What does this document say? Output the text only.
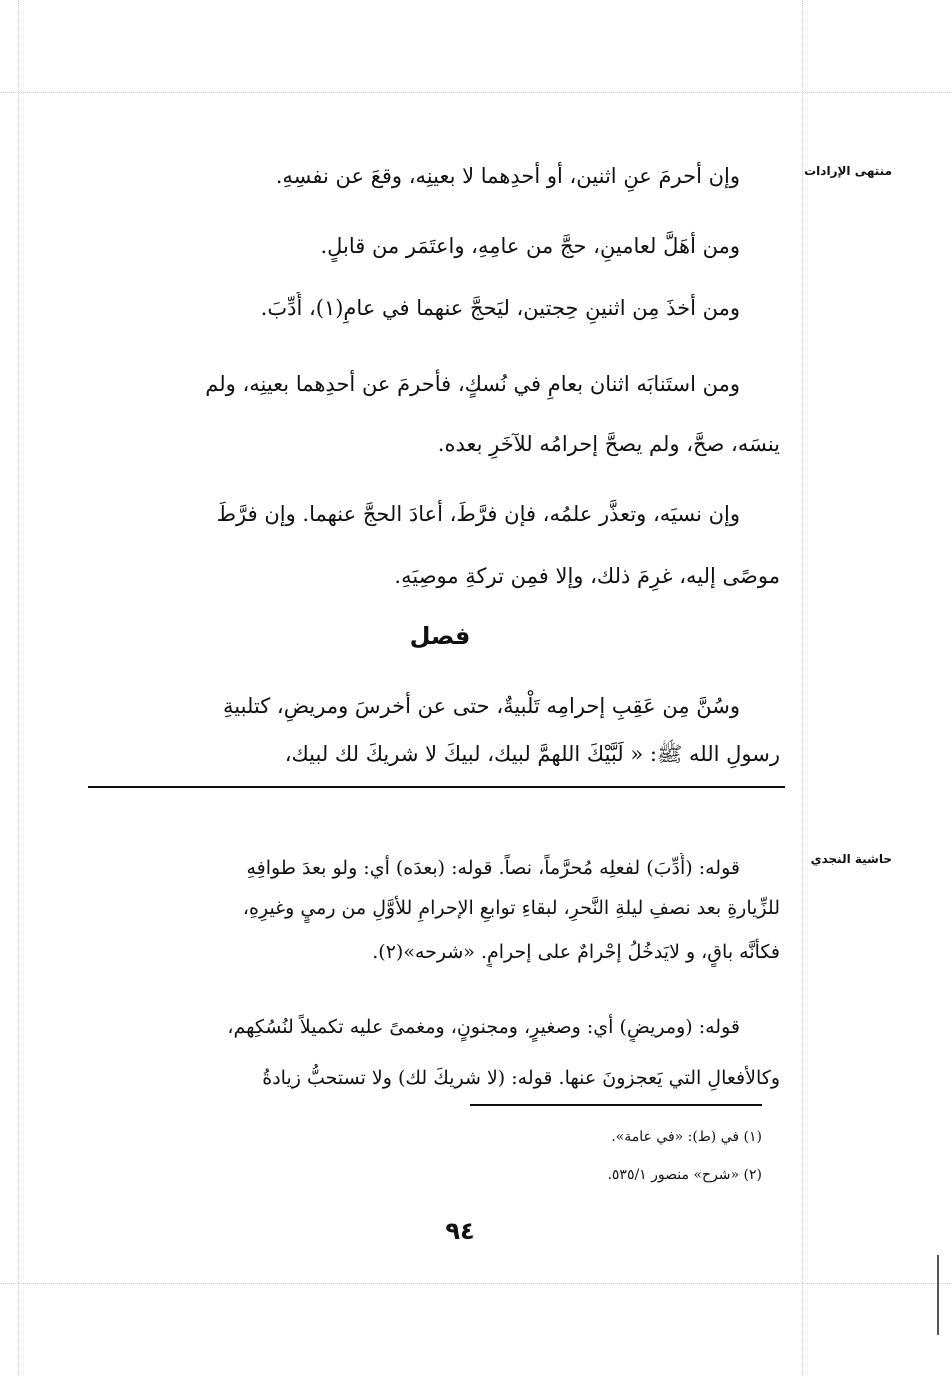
منتهى الإرادات
حاشية النجدي
وإن أحرمَ عنِ اثنين، أو أحدِهما لا بعينِه، وقعَ عن نفسِهِ.
ومن أهَلَّ لعامينِ، حجَّ من عامِهِ، واعتَمَر من قابلٍ.
ومن أخذَ مِن اثنينِ حِجتين، ليَحجَّ عنهما في عامٍ(١)، أُدِّبَ.
ومن استَنابَه اثنان بعامٍ في نُسكٍ، فأحرمَ عن أحدِهما بعينِه، ولم
ينسَه، صحَّ، ولم يصحَّ إحرامُه للآخَرِ بعده.
وإن نسيَه، وتعذَّر علمُه، فإن فرَّطَ، أعادَ الحجَّ عنهما. وإن فرَّطَ
موصًى إليه، غرِمَ ذلك، وإلا فمِن تركةِ موصِيَهِ.
وسُنَّ مِن عَقِبِ إحرامِه تَلْبيةٌ، حتى عن أخرسَ ومريضٍ، كتلبيةِ
رسولِ الله ﷺ: « لَبَّيْكَ اللهمَّ لبيك، لبيكَ لا شريكَ لك لبيك،
فصل
قوله: (أُدِّبَ) لفعلِه مُحرَّماً، نصاً. قوله: (بعدَه) أي: ولو بعدَ طوافِهِ
للزِّيارةِ بعد نصفِ ليلةِ النَّحرِ، لبقاءِ توابعِ الإحرامِ للأوَّلِ من رميٍ وغيرِهِ،
فكأنَّه باقٍ، و لايَدخُلُ إحْرامٌ على إحرامٍ. «شرحه»(٢).
قوله: (ومريضٍ) أي: وصغيرٍ، ومجنونٍ، ومغمىً عليه تكميلاً لنُسُكِهم،
وكالأفعالِ التي يَعجزونَ عنها. قوله: (لا شريكَ لك) ولا تستحبُّ زيادةُ
(١) في (ط): «في عامة».
(٢) «شرح» منصور ٥٣٥/١.
٩٤
